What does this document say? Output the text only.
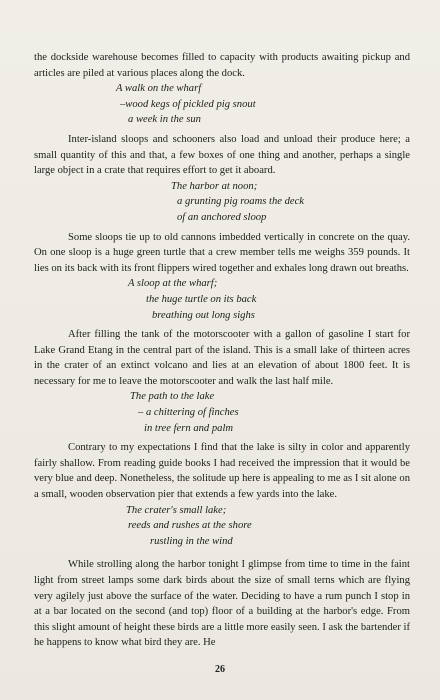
the dockside warehouse becomes filled to capacity with products awaiting pickup and articles are piled at various places along the dock.

A walk on the wharf
–wood kegs of pickled pig snout
a week in the sun

Inter-island sloops and schooners also load and unload their produce here; a small quantity of this and that, a few boxes of one thing and another, perhaps a single large object in a crate that requires effort to get it aboard.

The harbor at noon;
a grunting pig roams the deck
of an anchored sloop

Some sloops tie up to old cannons imbedded vertically in concrete on the quay. On one sloop is a huge green turtle that a crew member tells me weighs 359 pounds. It lies on its back with its front flippers wired together and exhales long drawn out breaths.

A sloop at the wharf;
the huge turtle on its back
breathing out long sighs

After filling the tank of the motorscooter with a gallon of gasoline I start for Lake Grand Etang in the central part of the island. This is a small lake of thirteen acres in the crater of an extinct volcano and lies at an elevation of about 1800 feet. It is necessary for me to leave the motorscooter and walk the last half mile.

The path to the lake
– a chittering of finches
in tree fern and palm

Contrary to my expectations I find that the lake is silty in color and apparently fairly shallow. From reading guide books I had received the impression that it would be very blue and deep. Nonetheless, the solitude up here is appealing to me as I sit alone on a small, wooden observation pier that extends a few yards into the lake.

The crater's small lake;
reeds and rushes at the shore
rustling in the wind

While strolling along the harbor tonight I glimpse from time to time in the faint light from street lamps some dark birds about the size of small terns which are flying very agilely just above the surface of the water. Deciding to have a rum punch I stop in at a bar located on the second (and top) floor of a building at the harbor's edge. From this slight amount of height these birds are a little more easily seen. I ask the bartender if he happens to know what bird they are. He

26
